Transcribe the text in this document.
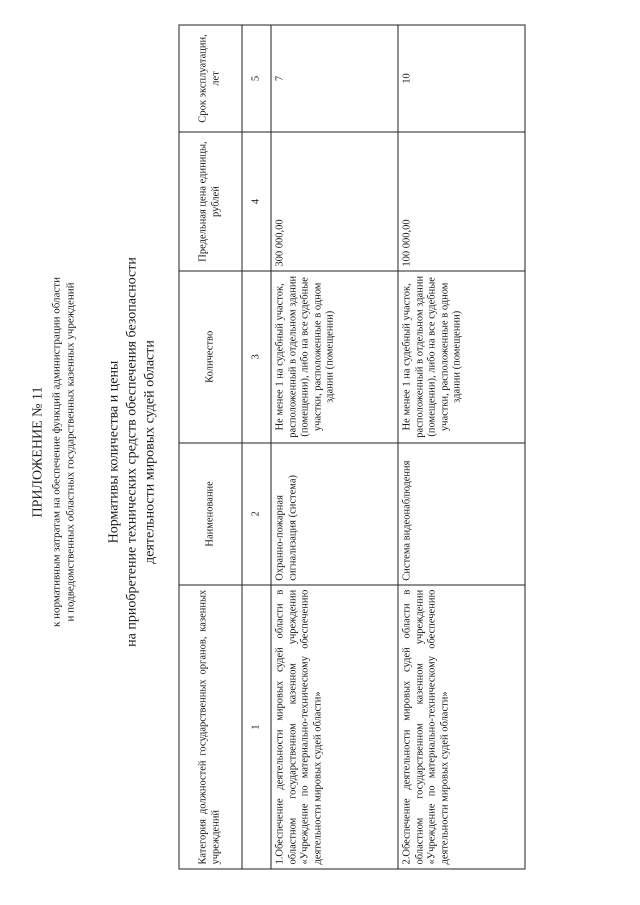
ПРИЛОЖЕНИЕ № 11 к нормативным затратам на обеспечение функций администрации области и подведомственных областных государственных казенных учреждений Нормативы количества и цены на приобретение технических средств обеспечения безопасности деятельности мировых судей области
Категория должностей государственных органов, казенных учреждений	Наименование	Количество	Предельная цена единицы, рублей	Срок эксплуатации, лет
1	2	3	4	5
1.Обеспечение деятельности мировых судей области в областном государственном казенном учреждении «Учреждение по материально-техническому обеспечению деятельности мировых судей области»	Охранно-пожарная сигнализация (система)	Не менее 1 на судебный участок, расположенный в отдельном здании (помещении), либо на все судебные участки, расположенные в одном здании (помещении)	300 000,00	7
2.Обеспечение деятельности мировых судей области в областном государственном казенном учреждении «Учреждение по материально-техническому обеспечению деятельности мировых судей области»	Система видеонаблюдения	Не менее 1 на судебный участок, расположенный в отдельном здании (помещении), либо на все судебные участки, расположенные в одном здании (помещении)	100 000,00	10
